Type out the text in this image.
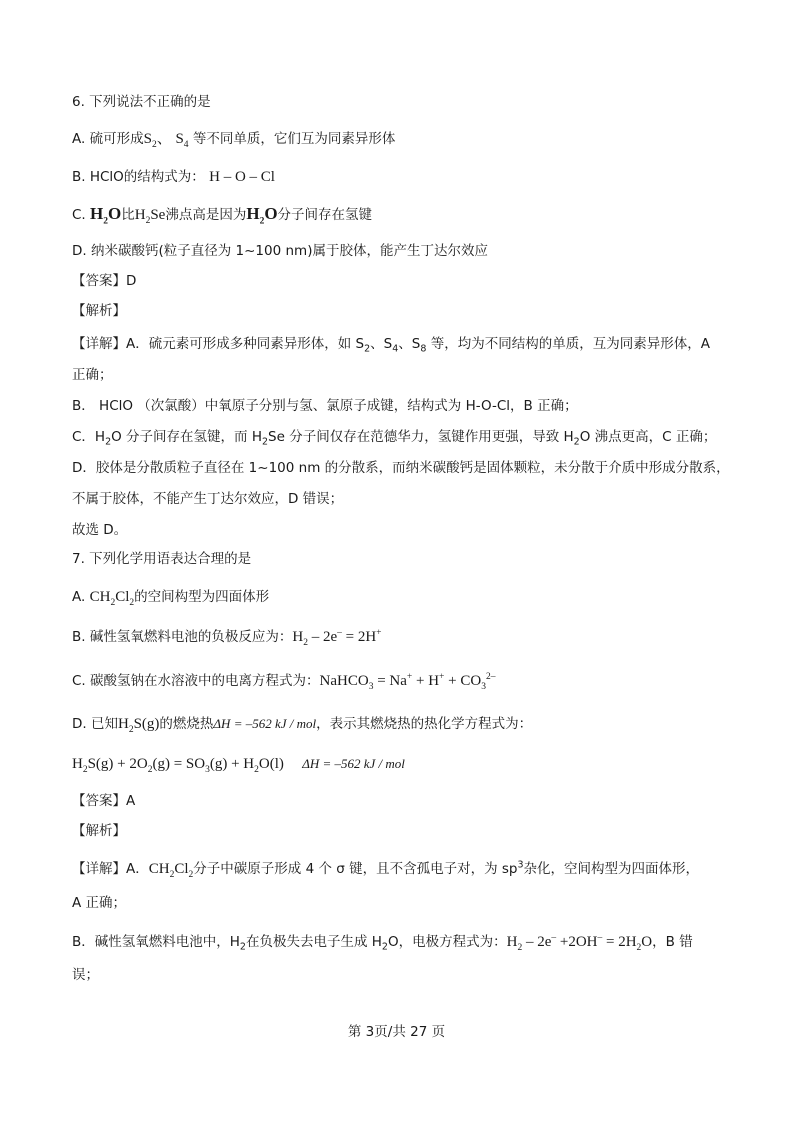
6. 下列说法不正确的是
A. 硫可形成$S_2$、 $S_4$ 等不同单质，它们互为同素异形体
B. HClO的结构式为： H – O – Cl
C. $H_2O$比$H_2Se$沸点高是因为$H_2O$分子间存在氢键
D. 纳米碳酸钙(粒子直径为 1~100 nm)属于胶体，能产生丁达尔效应
【答案】D
【解析】
【详解】A．硫元素可形成多种同素异形体，如 $S_2$、$S_4$、$S_8$ 等，均为不同结构的单质，互为同素异形体，A
正确；
B． HClO （次氯酸）中氧原子分别与氢、氯原子成键，结构式为 H-O-Cl，B 正确；
C．$H_2O$ 分子间存在氢键，而 $H_2Se$ 分子间仅存在范德华力，氢键作用更强，导致 $H_2O$ 沸点更高，C 正确；
D．胶体是分散质粒子直径在 1~100 nm 的分散系，而纳米碳酸钙是固体颗粒，未分散于介质中形成分散系，
不属于胶体，不能产生丁达尔效应，D 错误；
故选 D。
7. 下列化学用语表达合理的是
A. $CH_2Cl_2$的空间构型为四面体形
B. 碱性氢氧燃料电池的负极反应为：$H_2 - 2e^- = 2H^+$
C. 碳酸氢钠在水溶液中的电离方程式为：NaHCO$_3$ = $Na^+ + H^+ + CO_3^{2-}$
D. 已知$H_2S(g)$的燃烧热ΔH = –562 kJ / mol，表示其燃烧热的热化学方程式为：
$H_2S(g) + 2O_2(g) = SO_3(g) + H_2O(l) \Delta H = -562$ kJ / mol
【答案】A
【解析】
【详解】A．$CH_2Cl_2$分子中碳原子形成 4 个 σ 键，且不含孤电子对，为 $sp^3$杂化，空间构型为四面体形，
A 正确；
B．碱性氢氧燃料电池中，$H_2$在负极失去电子生成 $H_2O$，电极方程式为：$H_2 - 2e^- +2OH^- = 2H_2O$，B 错
误；
第 3页/共 27 页
